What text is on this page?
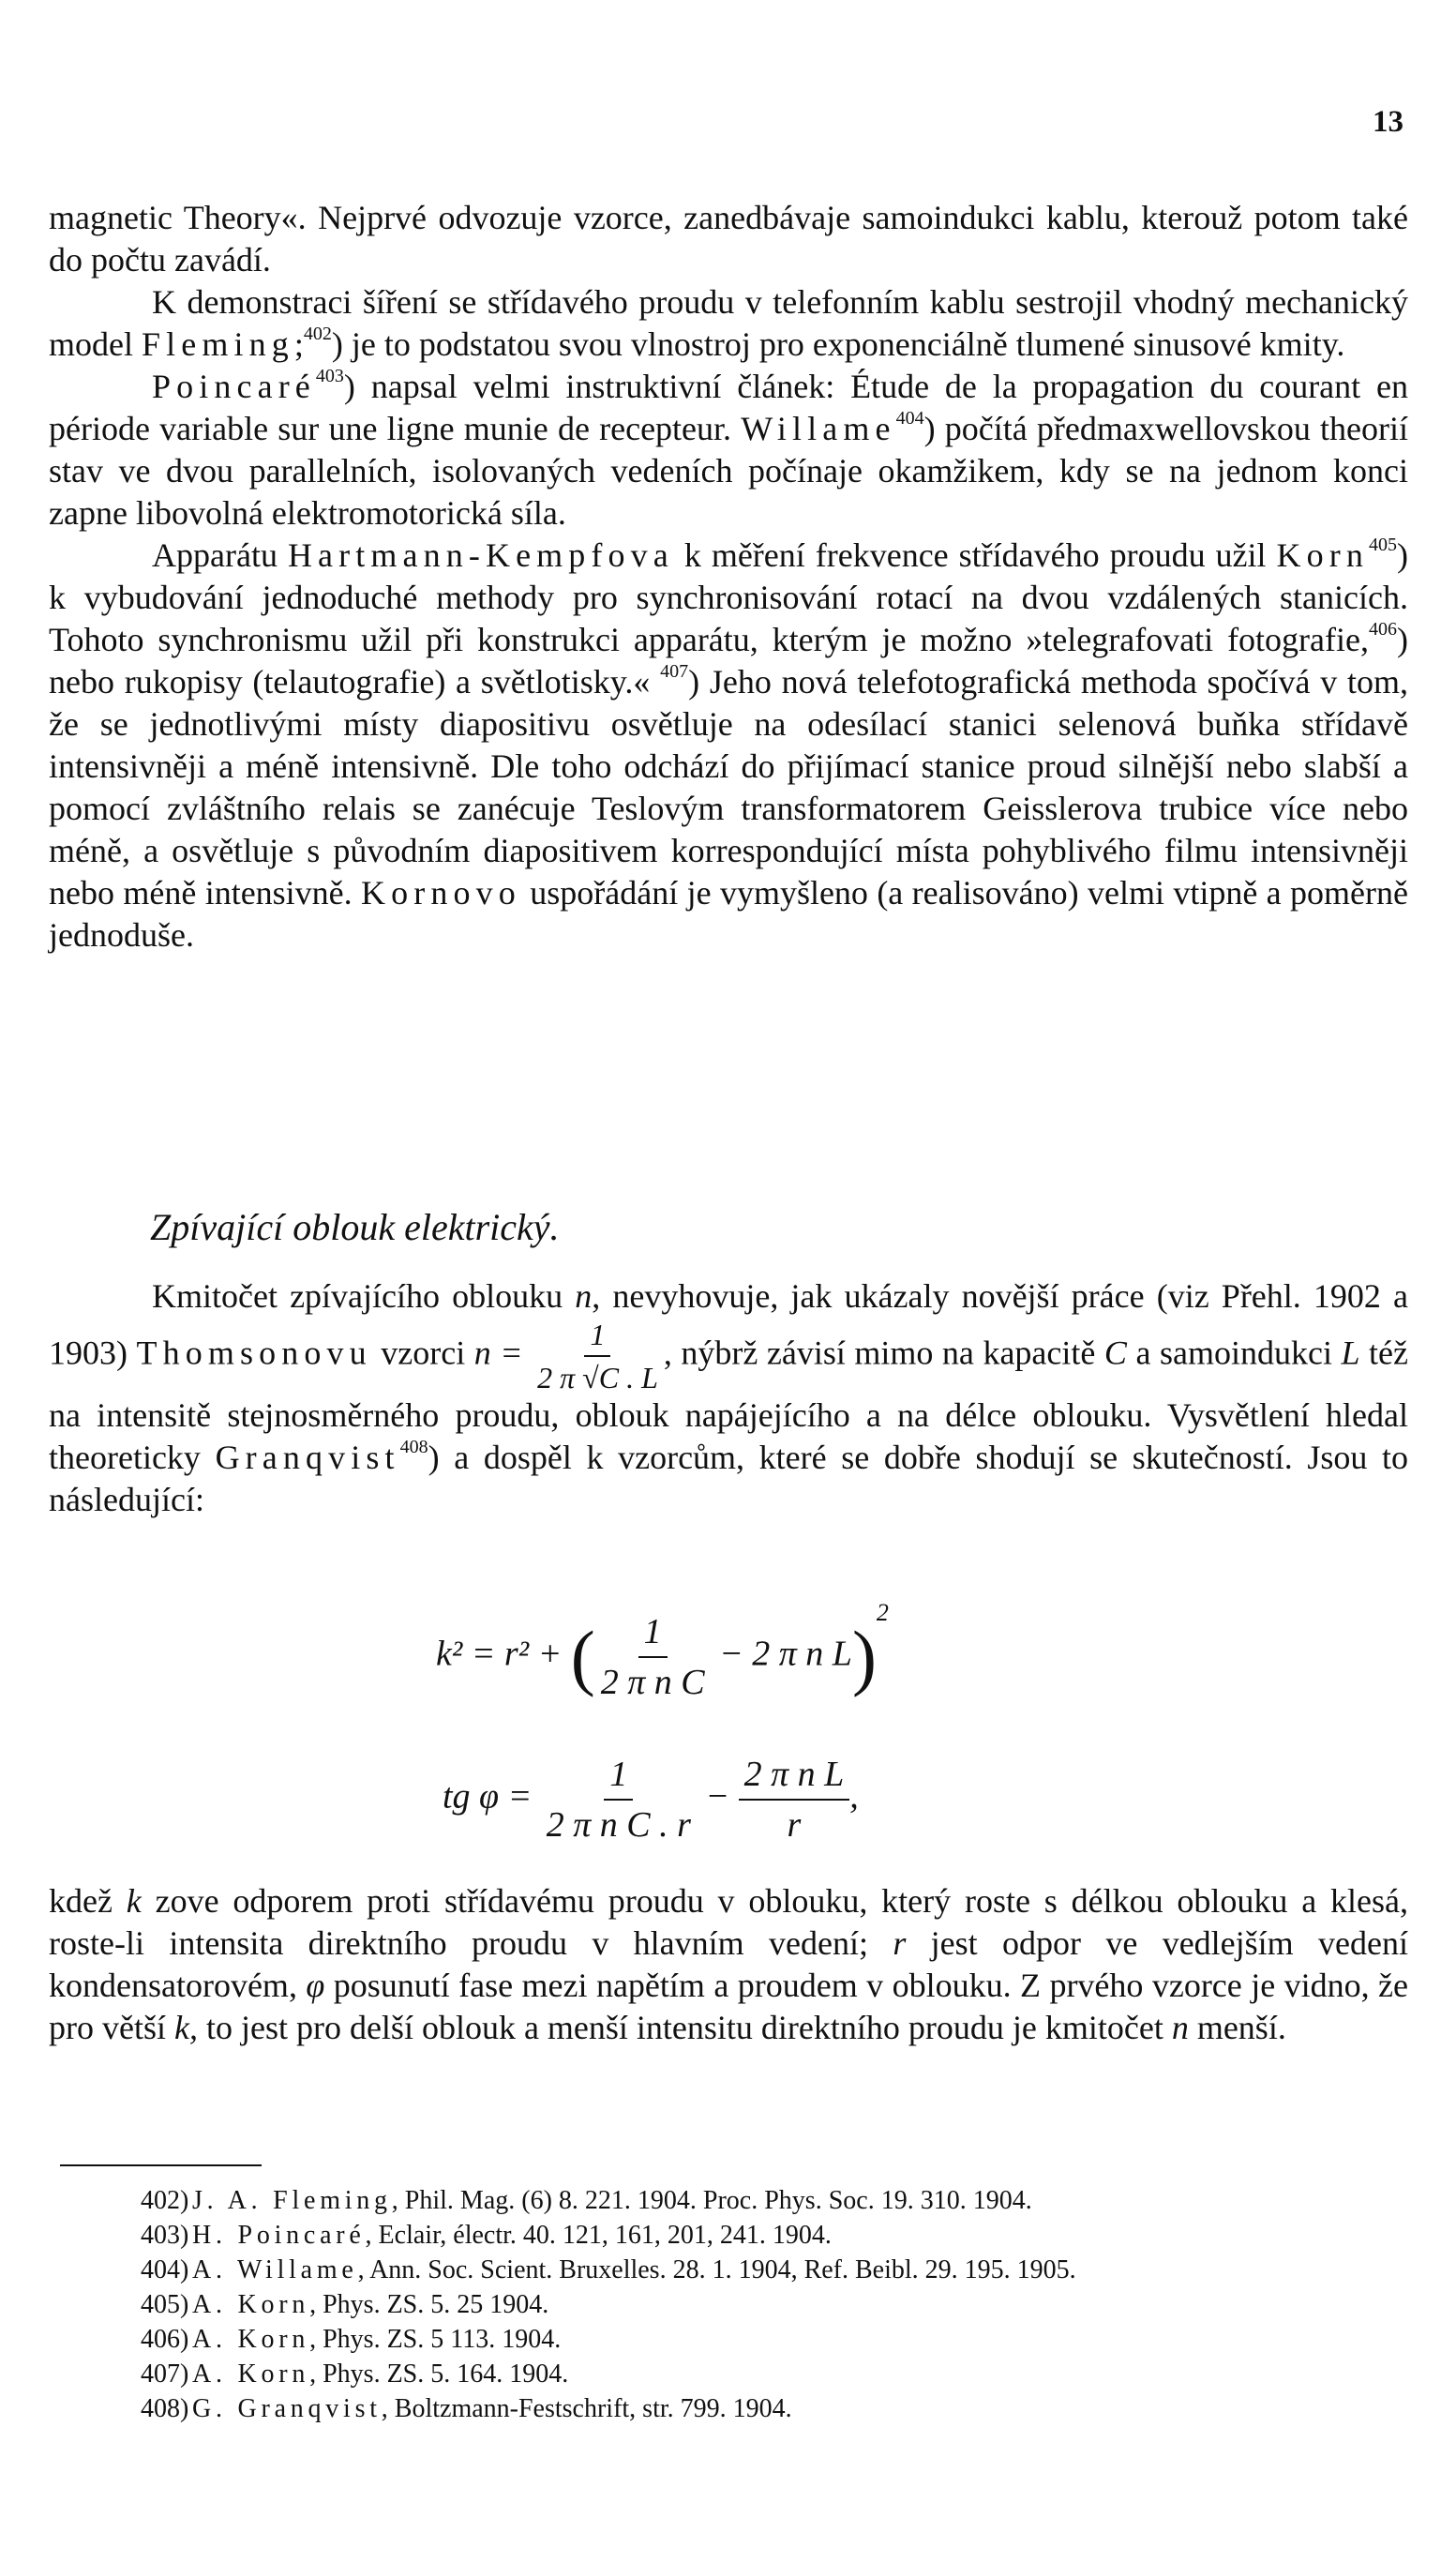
13

magnetic Theory«. Nejprvé odvozuje vzorce, zanedbávaje samoindukci kablu, kterouž potom také do počtu zavádí.

K demonstraci šíření se střídavého proudu v telefonním kablu sestrojil vhodný mechanický model Fleming;$^{402}$) je to podstatou svou vlnostroj pro exponenciálně tlumené sinusové kmity.

Poincaré$^{403}$) napsal velmi instruktivní článek: Étude de la propagation du courant en période variable sur une ligne munie de recepteur. Willame$^{404}$) počítá předmaxwellovskou theorií stav ve dvou parallelních, isolovaných vedeních počínaje okamžikem, kdy se na jednom konci zapne libovolná elektromotorická síla.

Apparátu Hartmann-Kempfova k měření frekvence střídavého proudu užil Korn$^{405}$) k vybudování jednoduché methody pro synchronisování rotací na dvou vzdálených stanicích. Tohoto synchronismu užil při konstrukci apparátu, kterým je možno »telegrafovati fotografie,$^{406}$) nebo rukopisy (telautografie) a světlotisky.« $^{407}$) Jeho nová telefotografická methoda spočívá v tom, že se jednotlivými místy diapositivu osvětluje na odesílací stanici selenová buňka střídavě intensivněji a méně intensivně. Dle toho odchází do přijímací stanice proud silnější nebo slabší a pomocí zvláštního relais se zanécuje Teslovým transformatorem Geisslerova trubice více nebo méně, a osvětluje s původním diapositivem korrespondující místa pohyblivého filmu intensivněji nebo méně intensivně. Kornovo uspořádání je vymyšleno (a realisováno) velmi vtipně a poměrně jednoduše.

Zpívající oblouk elektrický.
Kmitočet zpívajícího oblouku n, nevyhovuje, jak ukázaly novější práce (viz Přehl. 1902 a 1903) Thomsonovu vzorci $n = \frac{1}{2 \pi √C . L}$ , nýbrž závisí mimo na kapacitě C a samoindukci L též na intensitě stejnosměrného proudu, oblouk napájejícího a na délce oblouku. Vysvětlení hledal theoreticky Granqvist$^{408}$) a dospěl k vzorcům, které se dobře shodují se skutečností. Jsou to následující:
k² = r² + ( $\frac{1}{\text{2 π n C}} - 2$ π n L)$^2$
tg $\varphi = \frac{1}{\text{2 π n C . r}} - \frac{\text{2 π n L}}{r}$ ,
kdež k zove odporem proti střídavému proudu v oblouku, který roste s délkou oblouku a klesá, roste-li intensita direktního proudu v hlavním vedení; r jest odpor ve vedlejším vedení kondensatorovém, φ posunutí fase mezi napětím a proudem v oblouku. Z prvého vzorce je vidno, že pro větší k, to jest pro delší oblouk a menší intensitu direktního proudu je kmitočet n menší.
402) J. A. Fleming, Phil. Mag. (6) 8. 221. 1904. Proc. Phys. Soc. 19. 310. 1904.
403) H. Poincaré, Eclair, électr. 40. 121, 161, 201, 241. 1904.
404) A. Willame, Ann. Soc. Scient. Bruxelles. 28. 1. 1904, Ref. Beibl. 29. 195. 1905.
405) A. Korn, Phys. ZS. 5. 25 1904.
406) A. Korn, Phys. ZS. 5 113. 1904.
407) A. Korn, Phys. ZS. 5. 164. 1904.
408) G. Granqvist, Boltzmann-Festschrift, str. 799. 1904.
